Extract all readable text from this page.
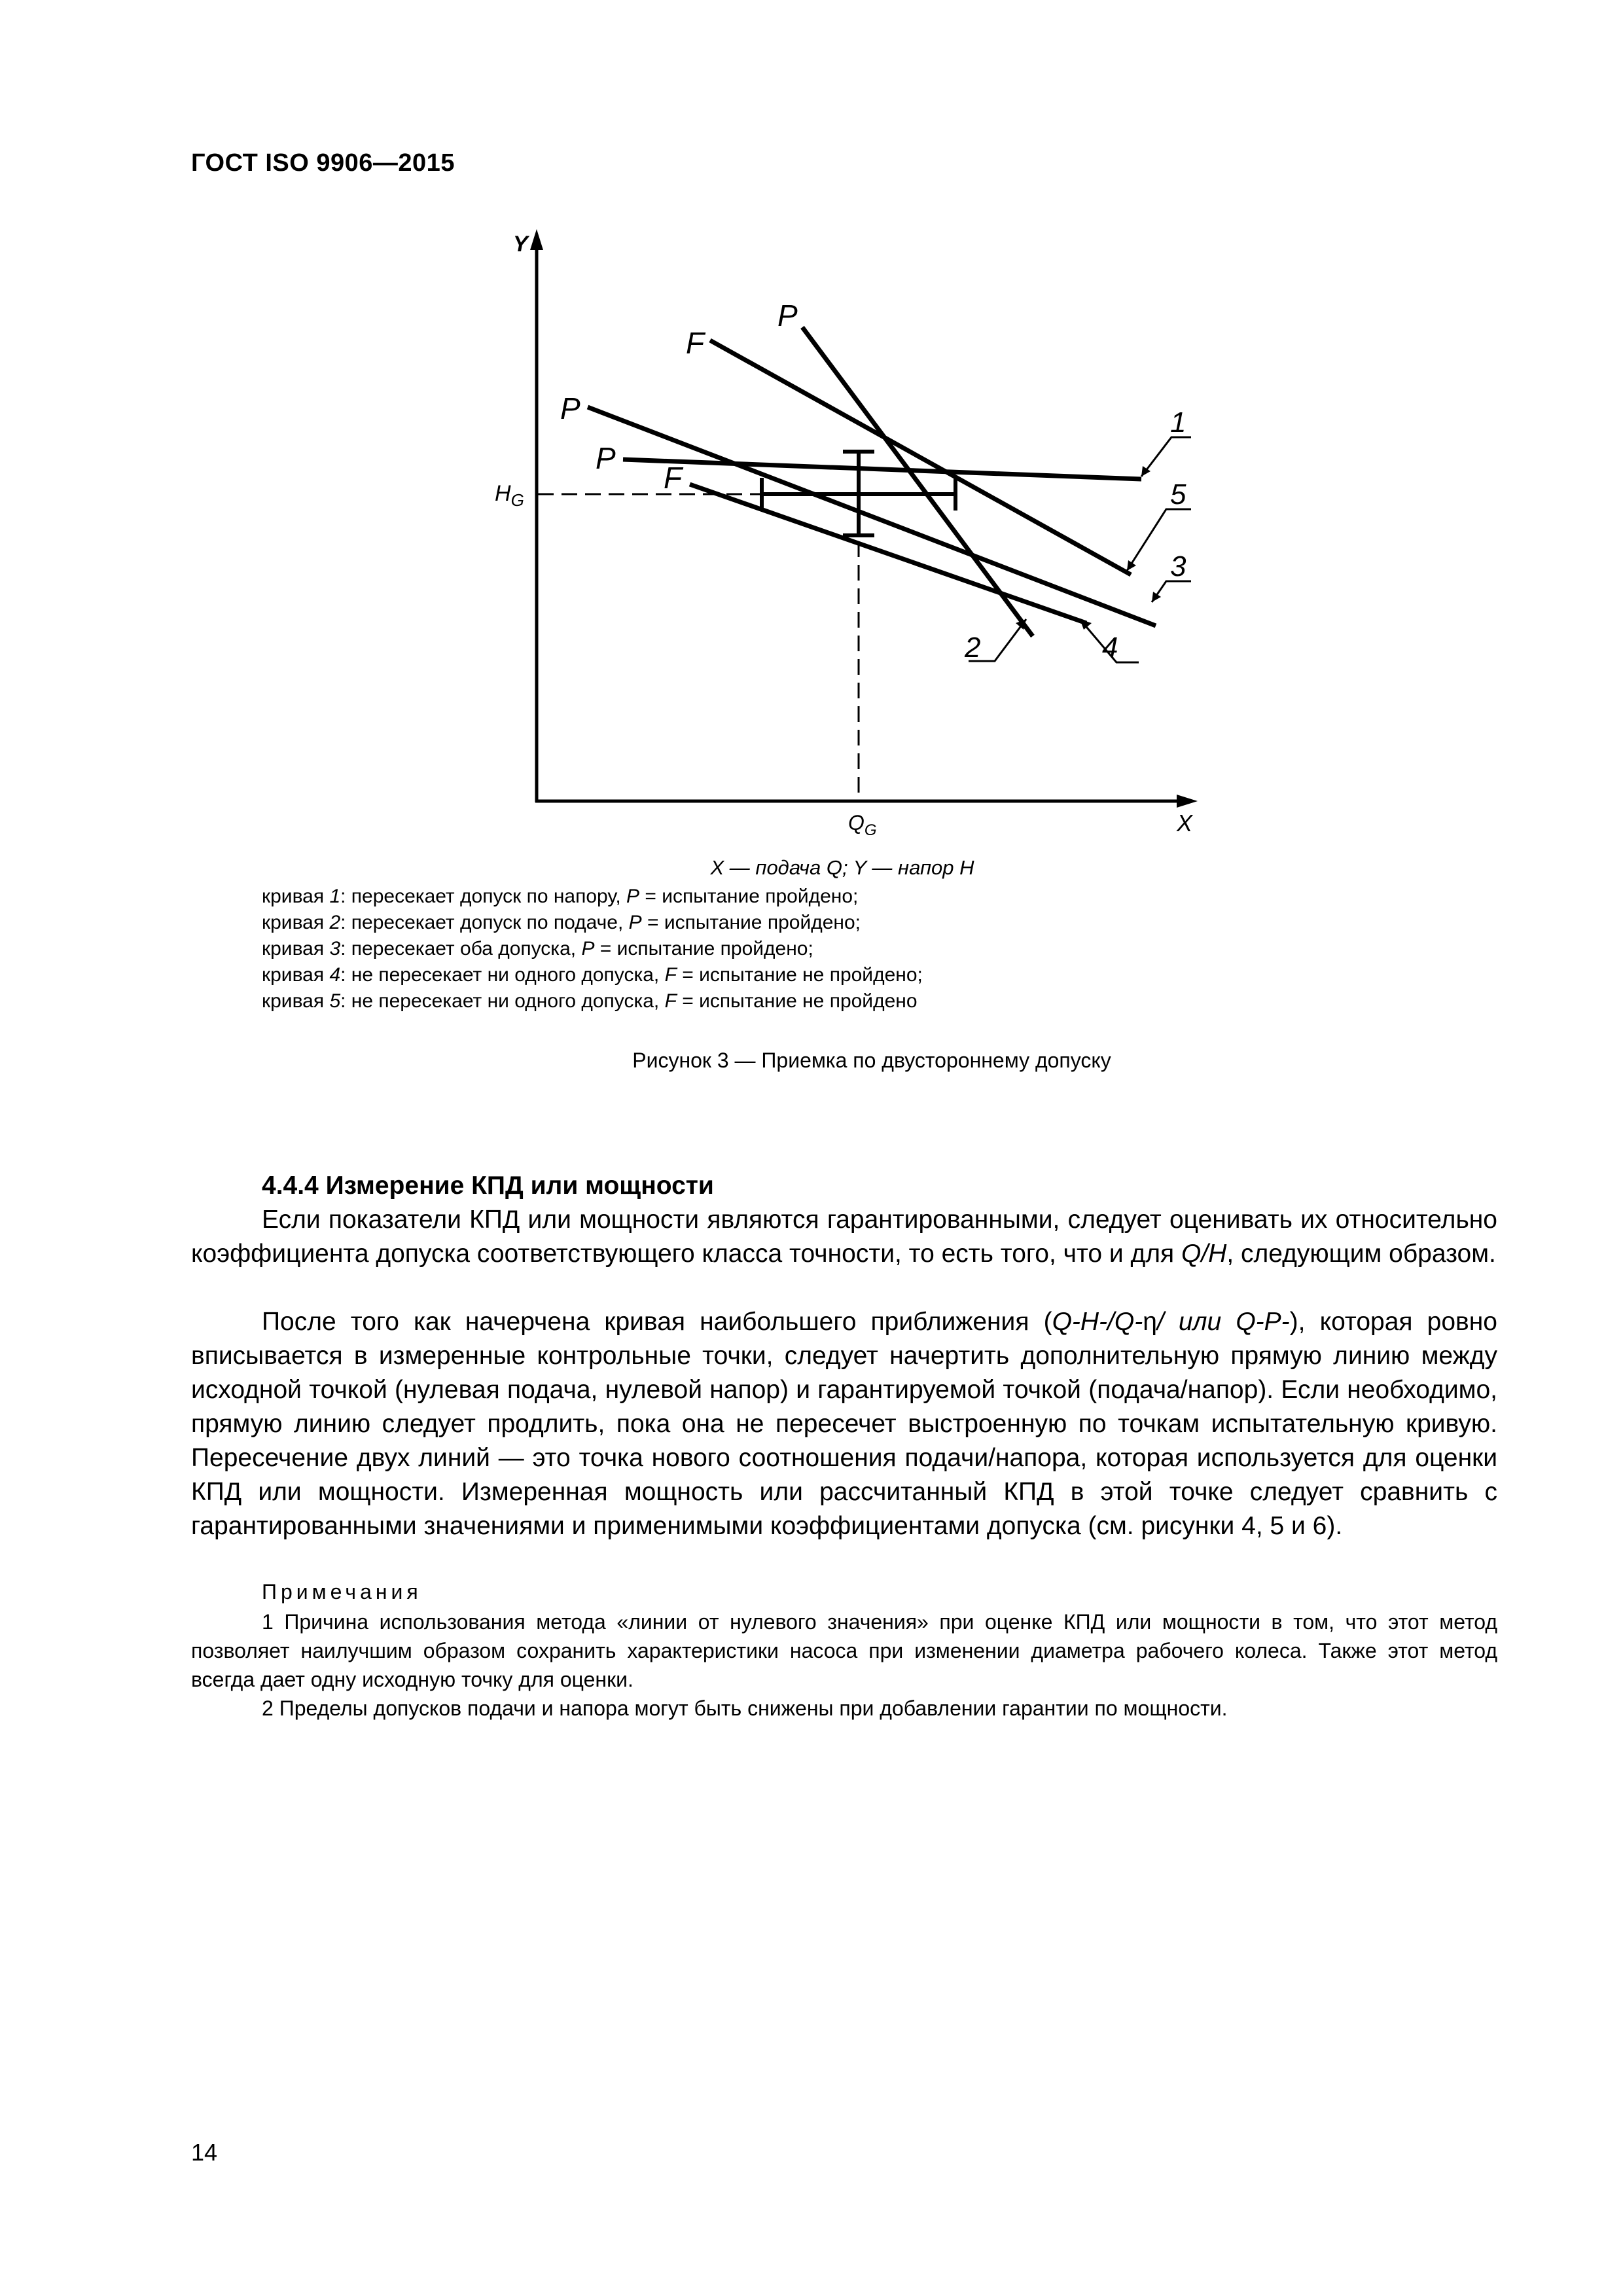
ГОСТ ISO 9906—2015
Y
X
$H_G$
$Q_G$
P
F
P
P
F
1
5
3
2	4
X — подача Q; Y — напор H
кривая 1: пересекает допуск по напору, P = испытание пройдено;
кривая 2: пересекает допуск по подаче, P = испытание пройдено;
кривая 3: пересекает оба допуска, P = испытание пройдено;
кривая 4: не пересекает ни одного допуска, F = испытание не пройдено;
кривая 5: не пересекает ни одного допуска, F = испытание не пройдено
Рисунок 3 — Приемка по двустороннему допуску
4.4.4 Измерение КПД или мощности

Если показатели КПД или мощности являются гарантированными, следует оценивать их относительно коэффициента допуска соответствующего класса точности, то есть того, что и для Q/H, следующим образом.

После того как начерчена кривая наибольшего приближения (Q-H-/Q-η/ или Q-P-), которая ровно вписывается в измеренные контрольные точки, следует начертить дополнительную прямую линию между исходной точкой (нулевая подача, нулевой напор) и гарантируемой точкой (подача/напор). Если необходимо, прямую линию следует продлить, пока она не пересечет выстроенную по точкам испытательную кривую. Пересечение двух линий — это точка нового соотношения подачи/напора, которая используется для оценки КПД или мощности. Измеренная мощность или рассчитанный КПД в этой точке следует сравнить с гарантированными значениями и применимыми коэффициентами допуска (см. рисунки 4, 5 и 6).

Примечания

1 Причина использования метода «линии от нулевого значения» при оценке КПД или мощности в том, что этот метод позволяет наилучшим образом сохранить характеристики насоса при изменении диаметра рабочего колеса. Также этот метод всегда дает одну исходную точку для оценки.

2 Пределы допусков подачи и напора могут быть снижены при добавлении гарантии по мощности.

14
